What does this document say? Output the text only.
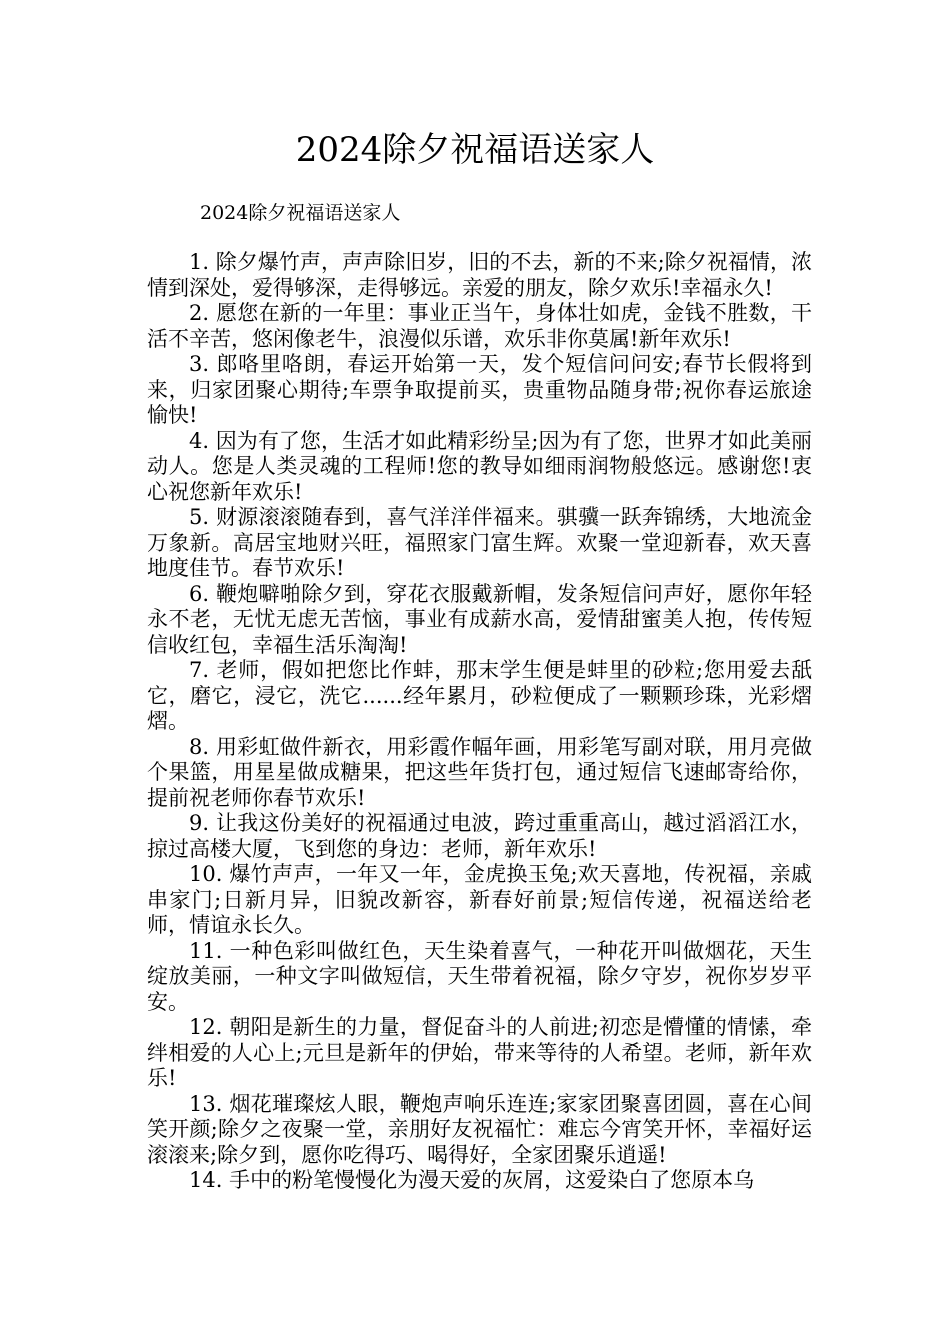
2024除夕祝福语送家人
2024除夕祝福语送家人

1. 除夕爆竹声，声声除旧岁，旧的不去，新的不来;除夕祝福情，浓情到深处，爱得够深，走得够远。亲爱的朋友，除夕欢乐!幸福永久!

2. 愿您在新的一年里：事业正当午，身体壮如虎，金钱不胜数，干活不辛苦，悠闲像老牛，浪漫似乐谱，欢乐非你莫属!新年欢乐!

3. 郎咯里咯朗，春运开始第一天，发个短信问问安;春节长假将到来，归家团聚心期待;车票争取提前买，贵重物品随身带;祝你春运旅途愉快!

4. 因为有了您，生活才如此精彩纷呈;因为有了您，世界才如此美丽动人。您是人类灵魂的工程师!您的教导如细雨润物般悠远。感谢您!衷心祝您新年欢乐!

5. 财源滚滚随春到，喜气洋洋伴福来。骐骥一跃奔锦绣，大地流金万象新。高居宝地财兴旺，福照家门富生辉。欢聚一堂迎新春，欢天喜地度佳节。春节欢乐!

6. 鞭炮噼啪除夕到，穿花衣服戴新帽，发条短信问声好，愿你年轻永不老，无忧无虑无苦恼，事业有成薪水高，爱情甜蜜美人抱，传传短信收红包，幸福生活乐淘淘!

7. 老师，假如把您比作蚌，那末学生便是蚌里的砂粒;您用爱去舐它，磨它，浸它，洗它......经年累月，砂粒便成了一颗颗珍珠，光彩熠熠。

8. 用彩虹做件新衣，用彩霞作幅年画，用彩笔写副对联，用月亮做个果篮，用星星做成糖果，把这些年货打包，通过短信飞速邮寄给你，提前祝老师你春节欢乐!

9. 让我这份美好的祝福通过电波，跨过重重高山，越过滔滔江水，掠过高楼大厦，飞到您的身边：老师，新年欢乐!

10. 爆竹声声，一年又一年，金虎换玉兔;欢天喜地，传祝福，亲戚串家门;日新月异，旧貌改新容，新春好前景;短信传递，祝福送给老师，情谊永长久。

11. 一种色彩叫做红色，天生染着喜气，一种花开叫做烟花，天生绽放美丽，一种文字叫做短信，天生带着祝福，除夕守岁，祝你岁岁平安。

12. 朝阳是新生的力量，督促奋斗的人前进;初恋是懵懂的情愫，牵绊相爱的人心上;元旦是新年的伊始，带来等待的人希望。老师，新年欢乐!

13. 烟花璀璨炫人眼，鞭炮声响乐连连;家家团聚喜团圆，喜在心间笑开颜;除夕之夜聚一堂，亲朋好友祝福忙：难忘今宵笑开怀，幸福好运滚滚来;除夕到，愿你吃得巧、喝得好，全家团聚乐逍遥!

14. 手中的粉笔慢慢化为漫天爱的灰屑，这爱染白了您原本乌
